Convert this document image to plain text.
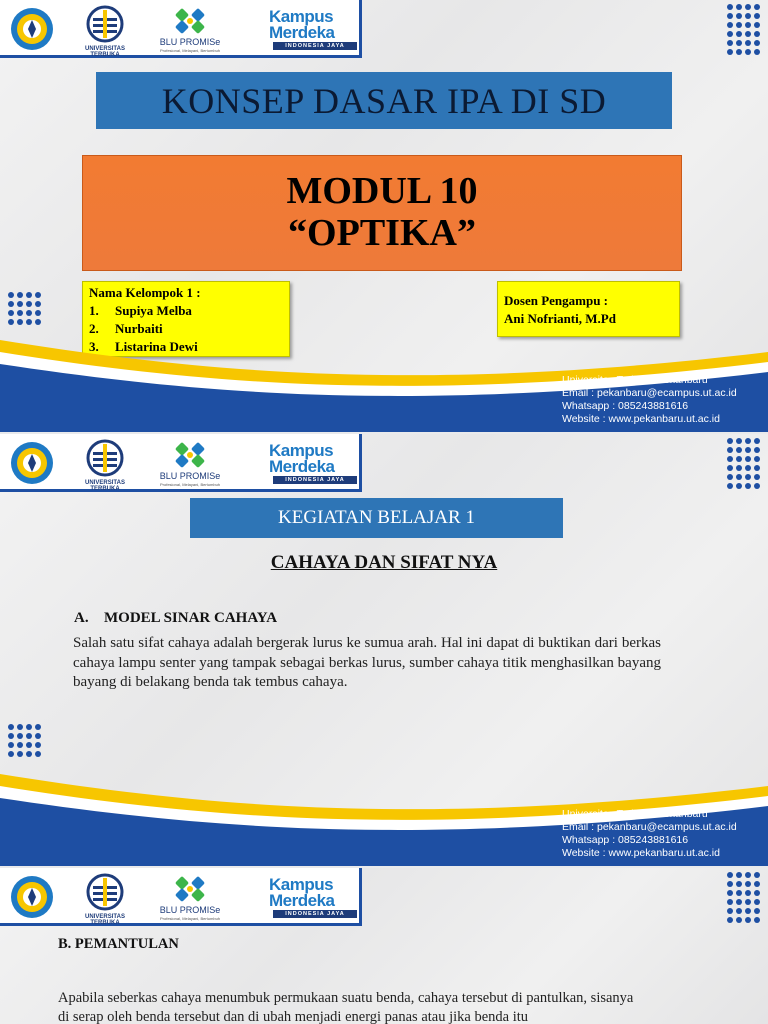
UNIVERSITAS TERBUKA
BLU PROMISe
Profesional, Melayani, Bertumbuh
Kampus
Merdeka
INDONESIA JAYA
KONSEP DASAR IPA DI SD
MODUL 10
“OPTIKA”
Nama Kelompok 1 :
1.	Supiya Melba
2.	Nurbaiti
3.	Listarina Dewi
Dosen Pengampu :
Ani Nofrianti, M.Pd
Universitas Terbuka Pekanbaru
Email : pekanbaru@ecampus.ut.ac.id
Whatsapp : 085243881616
Website : www.pekanbaru.ut.ac.id
UNIVERSITAS TERBUKA
BLU PROMISe
Profesional, Melayani, Bertumbuh
Kampus
Merdeka
INDONESIA JAYA
KEGIATAN BELAJAR 1
CAHAYA DAN SIFAT NYA
A. MODEL SINAR CAHAYA

Salah satu sifat cahaya adalah bergerak lurus ke sumua arah. Hal ini dapat di buktikan dari berkas cahaya lampu senter yang tampak sebagai berkas lurus, sumber cahaya titik menghasilkan bayang bayang di belakang benda tak tembus cahaya.

Universitas Terbuka Pekanbaru
Email : pekanbaru@ecampus.ut.ac.id
Whatsapp : 085243881616
Website : www.pekanbaru.ut.ac.id
UNIVERSITAS TERBUKA
BLU PROMISe
Profesional, Melayani, Bertumbuh
Kampus
Merdeka
INDONESIA JAYA
B. PEMANTULAN

Apabila seberkas cahaya menumbuk permukaan suatu benda, cahaya tersebut di pantulkan, sisanya di serap oleh benda tersebut dan di ubah menjadi energi panas atau jika benda itu
